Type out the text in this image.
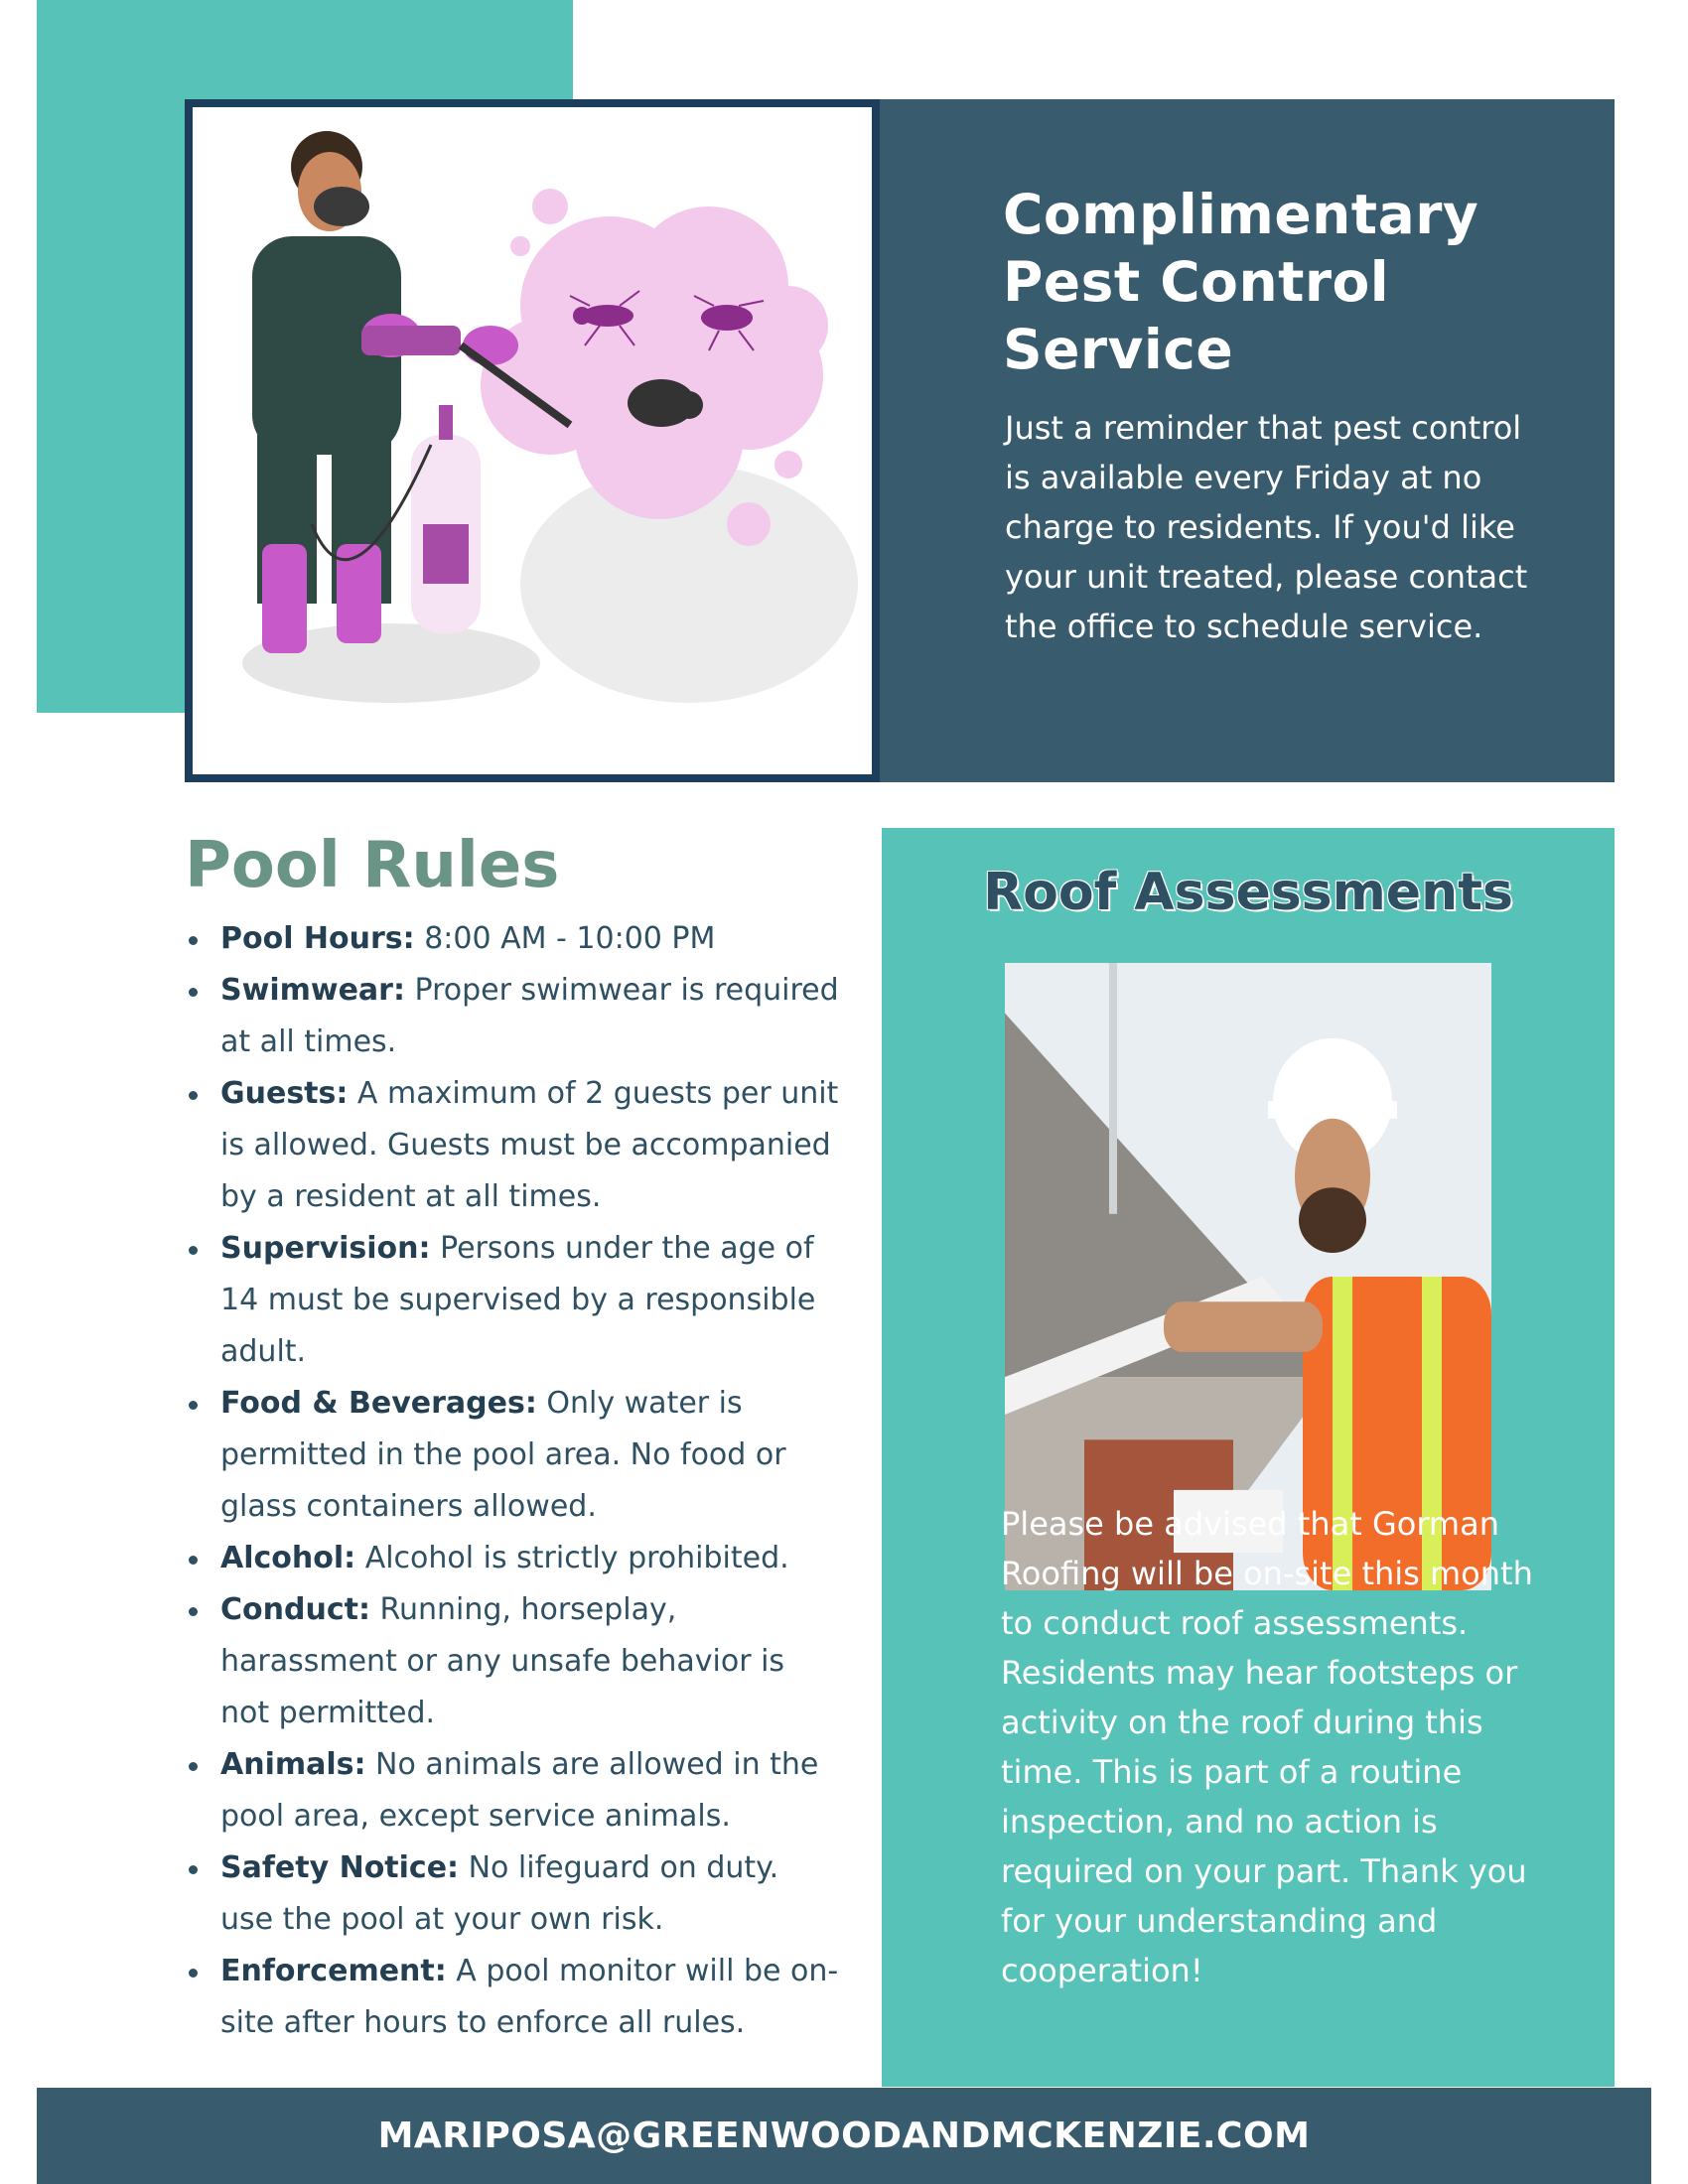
Complimentary Pest Control Service

Just a reminder that pest control is available every Friday at no charge to residents. If you'd like your unit treated, please contact the office to schedule service.

Pool Rules
Pool Hours: 8:00 AM - 10:00 PM
Swimwear: Proper swimwear is required at all times.
Guests: A maximum of 2 guests per unit is allowed. Guests must be accompanied by a resident at all times.
Supervision: Persons under the age of 14 must be supervised by a responsible adult.
Food & Beverages: Only water is permitted in the pool area. No food or glass containers allowed.
Alcohol: Alcohol is strictly prohibited.
Conduct: Running, horseplay, harassment or any unsafe behavior is not permitted.
Animals: No animals are allowed in the pool area, except service animals.
Safety Notice: No lifeguard on duty. use the pool at your own risk.
Enforcement: A pool monitor will be on-site after hours to enforce all rules.
Roof Assessments

Please be advised that Gorman Roofing will be on-site this month to conduct roof assessments. Residents may hear footsteps or activity on the roof during this time. This is part of a routine inspection, and no action is required on your part. Thank you for your understanding and cooperation!

MARIPOSA@GREENWOODANDMCKENZIE.COM
